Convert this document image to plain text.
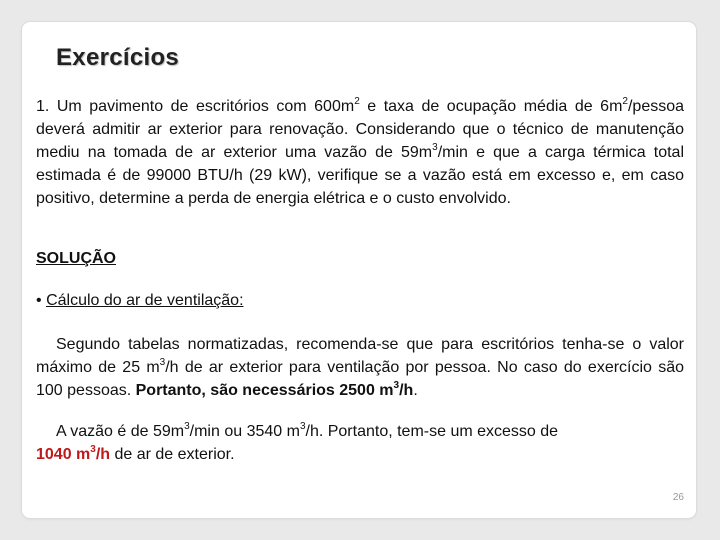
Exercícios
1. Um pavimento de escritórios com $600m^2$ e taxa de ocupação média de $6m^2$/pessoa deverá admitir ar exterior para renovação. Considerando que o técnico de manutenção mediu na tomada de ar exterior uma vazão de $59m^3/\min$ e que a carga térmica total estimada é de 99000 BTU/h (29 kW), verifique se a vazão está em excesso e, em caso positivo, determine a perda de energia elétrica e o custo envolvido.
SOLUÇÃO
• Cálculo do ar de ventilação:
Segundo tabelas normatizadas, recomenda-se que para escritórios tenha-se o valor máximo de 25 $m^3/h$ de ar exterior para ventilação por pessoa. No caso do exercício são 100 pessoas. Portanto, são necessários 2500 $m^3/h$.
A vazão é de $59m^3/\min$ ou 3540 $m^3/h$. Portanto, tem-se um excesso de
1040 $m^3/h$ de ar de exterior.
26
